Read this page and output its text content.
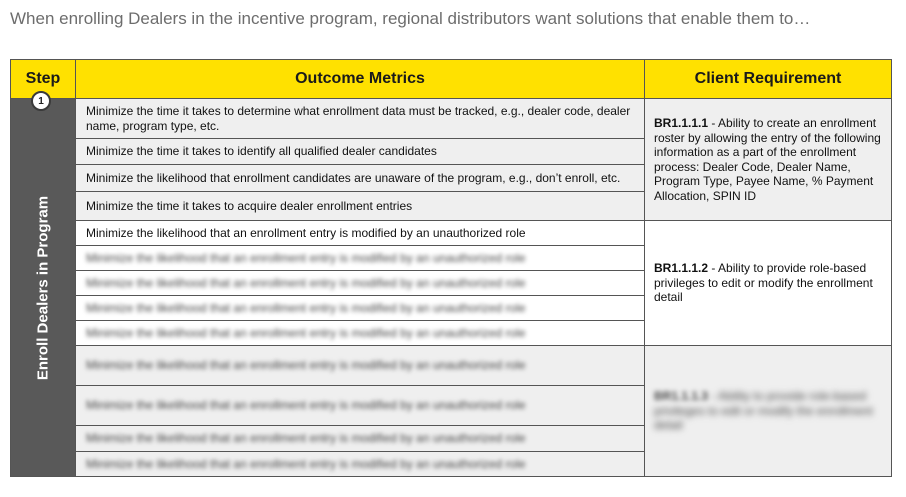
When enrolling Dealers in the incentive program, regional distributors want solutions that enable them to…
Step	Outcome Metrics	Client Requirement
Enroll Dealers in Program
1
Minimize the time it takes to determine what enrollment data must be tracked, e.g., dealer code, dealer name, program type, etc.
Minimize the time it takes to identify all qualified dealer candidates
Minimize the likelihood that enrollment candidates are unaware of the program, e.g., don’t enroll, etc.
Minimize the time it takes to acquire dealer enrollment entries
Minimize the likelihood that an enrollment entry is modified by an unauthorized role
Minimize the likelihood that an enrollment entry is modified by an unauthorized role
Minimize the likelihood that an enrollment entry is modified by an unauthorized role
Minimize the likelihood that an enrollment entry is modified by an unauthorized role
Minimize the likelihood that an enrollment entry is modified by an unauthorized role
Minimize the likelihood that an enrollment entry is modified by an unauthorized role
Minimize the likelihood that an enrollment entry is modified by an unauthorized role
Minimize the likelihood that an enrollment entry is modified by an unauthorized role
Minimize the likelihood that an enrollment entry is modified by an unauthorized role
BR1.1.1.1 - Ability to create an enrollment roster by allowing the entry of the following information as a part of the enrollment process: Dealer Code, Dealer Name, Program Type, Payee Name, % Payment Allocation, SPIN ID
BR1.1.1.2 - Ability to provide role-based privileges to edit or modify the enrollment detail
BR1.1.1.3 - Ability to provide role-based privileges to edit or modify the enrollment detail
